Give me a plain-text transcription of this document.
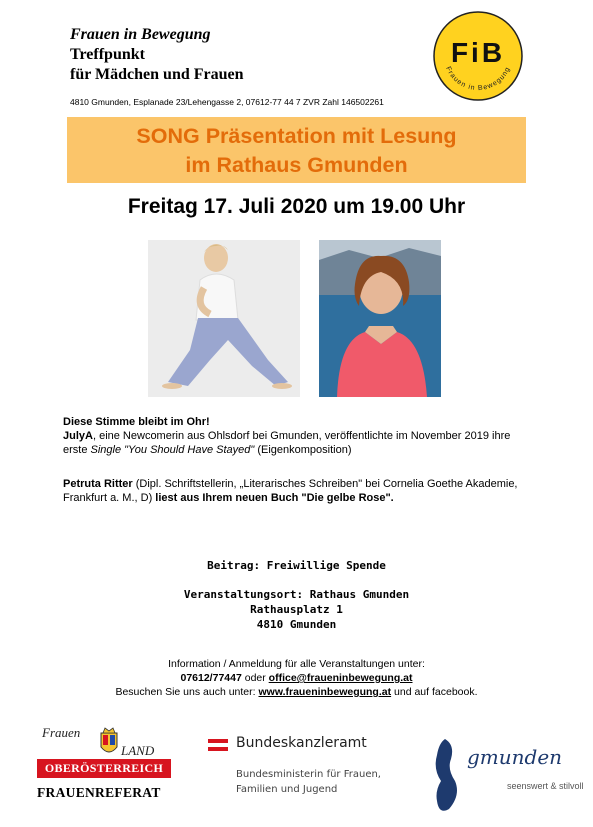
Frauen in Bewegung
Treffpunkt
für Mädchen und Frauen
4810 Gmunden, Esplanade 23/Lehengasse 2, 07612-77 44 7 ZVR Zahl 146502261
FiB
Frauen in Bewegung
SONG Präsentation mit Lesung
im Rathaus Gmunden
Freitag 17. Juli 2020 um 19.00 Uhr
Diese Stimme bleibt im Ohr!
JulyA, eine Newcomerin aus Ohlsdorf bei Gmunden, veröffentlichte im November 2019 ihre erste Single "You Should Have Stayed" (Eigenkomposition)
Petruta Ritter (Dipl. Schriftstellerin, „Literarisches Schreiben" bei Cornelia Goethe Akademie, Frankfurt a. M., D) liest aus Ihrem neuen Buch "Die gelbe Rose".
Beitrag: Freiwillige Spende
Veranstaltungsort: Rathaus Gmunden
Rathausplatz 1
4810 Gmunden
Information / Anmeldung für alle Veranstaltungen unter:
07612/77447 oder office@fraueninbewegung.at
Besuchen Sie uns auch unter: www.fraueninbewegung.at und auf facebook.
Frauen
LAND
OBERÖSTERREICH
FRAUENREFERAT
Bundeskanzleramt
Bundesministerin für Frauen,
Familien und Jugend
gmunden
seenswert & stilvoll
